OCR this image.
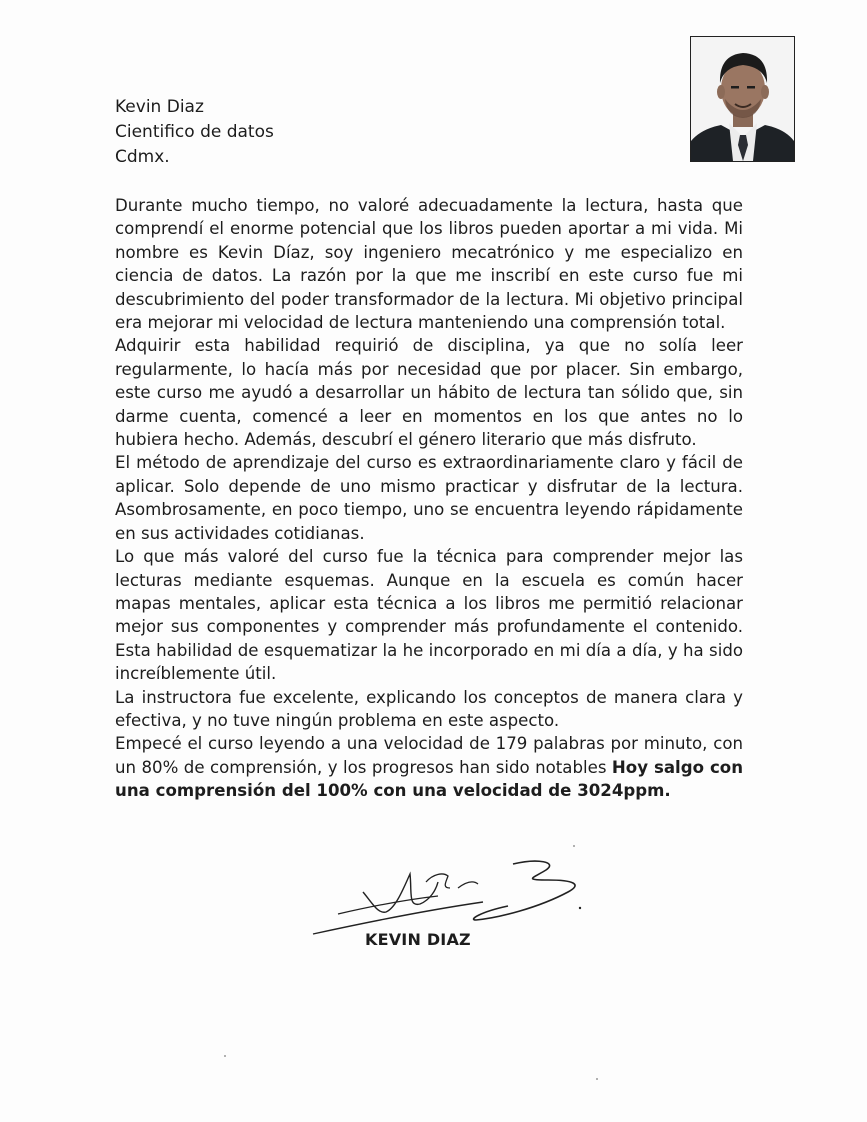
Kevin Diaz
Cientifico de datos
Cdmx.

Durante mucho tiempo, no valoré adecuadamente la lectura, hasta que comprendí el enorme potencial que los libros pueden aportar a mi vida. Mi nombre es Kevin Díaz, soy ingeniero mecatrónico y me especializo en ciencia de datos. La razón por la que me inscribí en este curso fue mi descubrimiento del poder transformador de la lectura. Mi objetivo principal era mejorar mi velocidad de lectura manteniendo una comprensión total.

Adquirir esta habilidad requirió de disciplina, ya que no solía leer regularmente, lo hacía más por necesidad que por placer. Sin embargo, este curso me ayudó a desarrollar un hábito de lectura tan sólido que, sin darme cuenta, comencé a leer en momentos en los que antes no lo hubiera hecho. Además, descubrí el género literario que más disfruto.

El método de aprendizaje del curso es extraordinariamente claro y fácil de aplicar. Solo depende de uno mismo practicar y disfrutar de la lectura. Asombrosamente, en poco tiempo, uno se encuentra leyendo rápidamente en sus actividades cotidianas.

Lo que más valoré del curso fue la técnica para comprender mejor las lecturas mediante esquemas. Aunque en la escuela es común hacer mapas mentales, aplicar esta técnica a los libros me permitió relacionar mejor sus componentes y comprender más profundamente el contenido. Esta habilidad de esquematizar la he incorporado en mi día a día, y ha sido increíblemente útil.

La instructora fue excelente, explicando los conceptos de manera clara y efectiva, y no tuve ningún problema en este aspecto.

Empecé el curso leyendo a una velocidad de 179 palabras por minuto, con un 80% de comprensión, y los progresos han sido notables Hoy salgo con una comprensión del 100% con una velocidad de 3024ppm.

KEVIN DIAZ
